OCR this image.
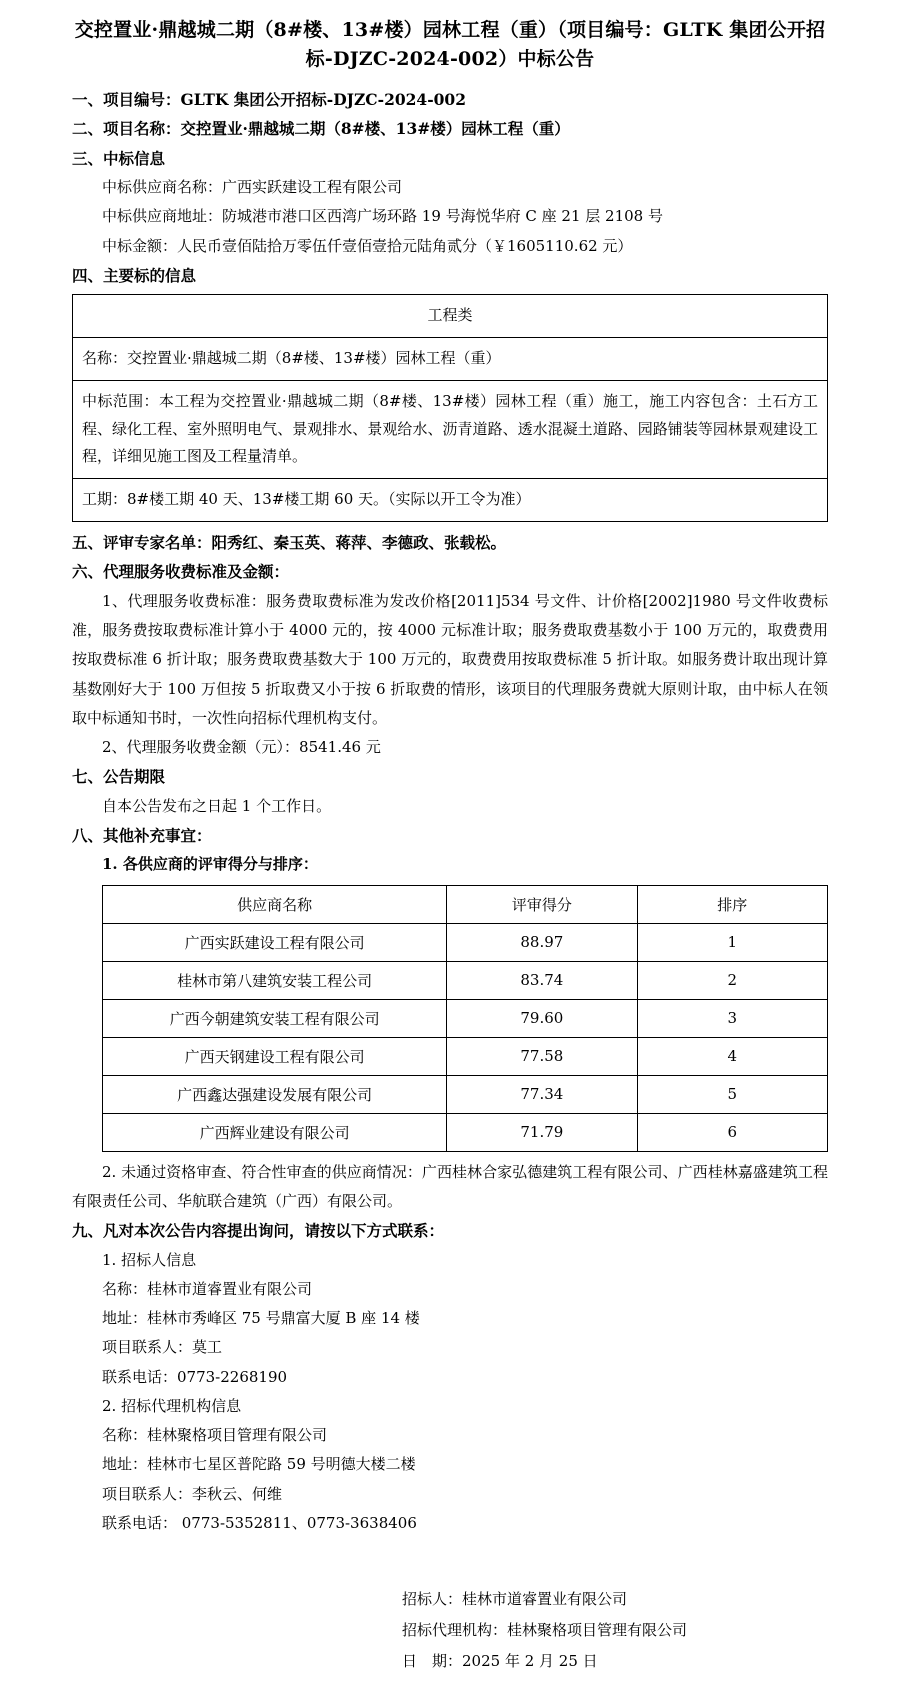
交控置业·鼎越城二期（8#楼、13#楼）园林工程（重）（项目编号：GLTK 集团公开招标-DJZC-2024-002）中标公告
一、项目编号：GLTK 集团公开招标-DJZC-2024-002
二、项目名称：交控置业·鼎越城二期（8#楼、13#楼）园林工程（重）
三、中标信息
中标供应商名称：广西实跃建设工程有限公司
中标供应商地址：防城港市港口区西湾广场环路 19 号海悦华府 C 座 21 层 2108 号
中标金额：人民币壹佰陆拾万零伍仟壹佰壹拾元陆角贰分（￥1605110.62 元）
四、主要标的信息
工程类
名称：交控置业·鼎越城二期（8#楼、13#楼）园林工程（重）
中标范围：本工程为交控置业·鼎越城二期（8#楼、13#楼）园林工程（重）施工，施工内容包含：土石方工程、绿化工程、室外照明电气、景观排水、景观给水、沥青道路、透水混凝土道路、园路铺装等园林景观建设工程，详细见施工图及工程量清单。
工期：8#楼工期 40 天、13#楼工期 60 天。（实际以开工令为准）
五、评审专家名单：阳秀红、秦玉英、蒋萍、李德政、张载松。
六、代理服务收费标准及金额：
1、代理服务收费标准：服务费取费标准为发改价格[2011]534 号文件、计价格[2002]1980 号文件收费标准，服务费按取费标准计算小于 4000 元的，按 4000 元标准计取；服务费取费基数小于 100 万元的，取费费用按取费标准 6 折计取；服务费取费基数大于 100 万元的，取费费用按取费标准 5 折计取。如服务费计取出现计算基数刚好大于 100 万但按 5 折取费又小于按 6 折取费的情形，该项目的代理服务费就大原则计取，由中标人在领取中标通知书时，一次性向招标代理机构支付。
2、代理服务收费金额（元）：8541.46 元
七、公告期限
自本公告发布之日起 1 个工作日。
八、其他补充事宜：
1. 各供应商的评审得分与排序：
供应商名称	评审得分	排序
广西实跃建设工程有限公司	88.97	1
桂林市第八建筑安装工程公司	83.74	2
广西今朝建筑安装工程有限公司	79.60	3
广西天钢建设工程有限公司	77.58	4
广西鑫达强建设发展有限公司	77.34	5
广西辉业建设有限公司	71.79	6
2. 未通过资格审查、符合性审查的供应商情况：广西桂林合家弘德建筑工程有限公司、广西桂林嘉盛建筑工程有限责任公司、华航联合建筑（广西）有限公司。
九、凡对本次公告内容提出询问，请按以下方式联系：
1. 招标人信息
名称：桂林市道睿置业有限公司
地址：桂林市秀峰区 75 号鼎富大厦 B 座 14 楼
项目联系人：莫工
联系电话：0773-2268190
2. 招标代理机构信息
名称：桂林聚格项目管理有限公司
地址：桂林市七星区普陀路 59 号明德大楼二楼
项目联系人：李秋云、何维
联系电话： 0773-5352811、0773-3638406
招标人：桂林市道睿置业有限公司
招标代理机构：桂林聚格项目管理有限公司
日　期：2025 年 2 月 25 日
